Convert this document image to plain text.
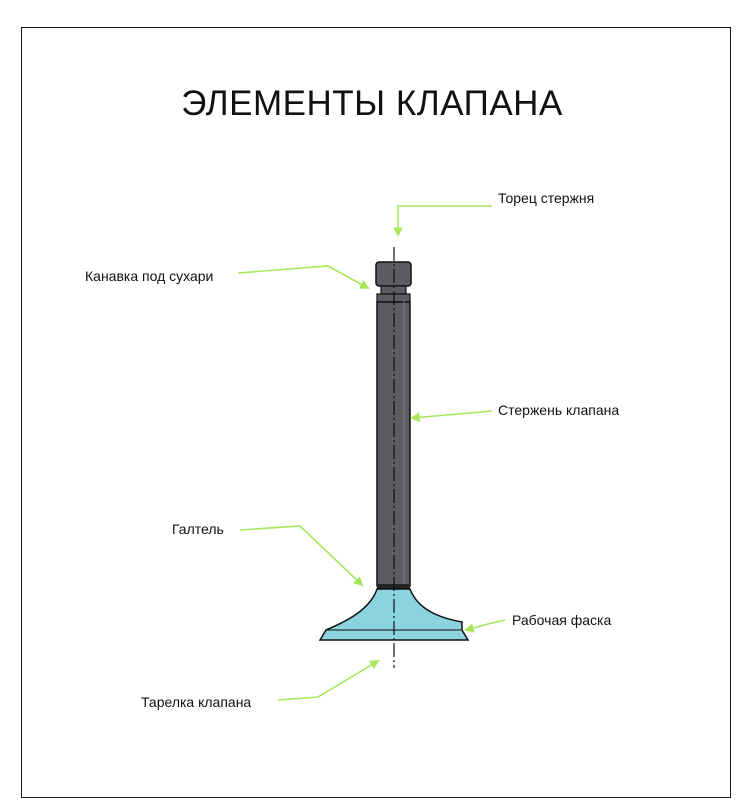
ЭЛЕМЕНТЫ КЛАПАНА
Торец стержня
Канавка под сухари
Стержень клапана
Галтель
Рабочая фаска
Тарелка клапана
